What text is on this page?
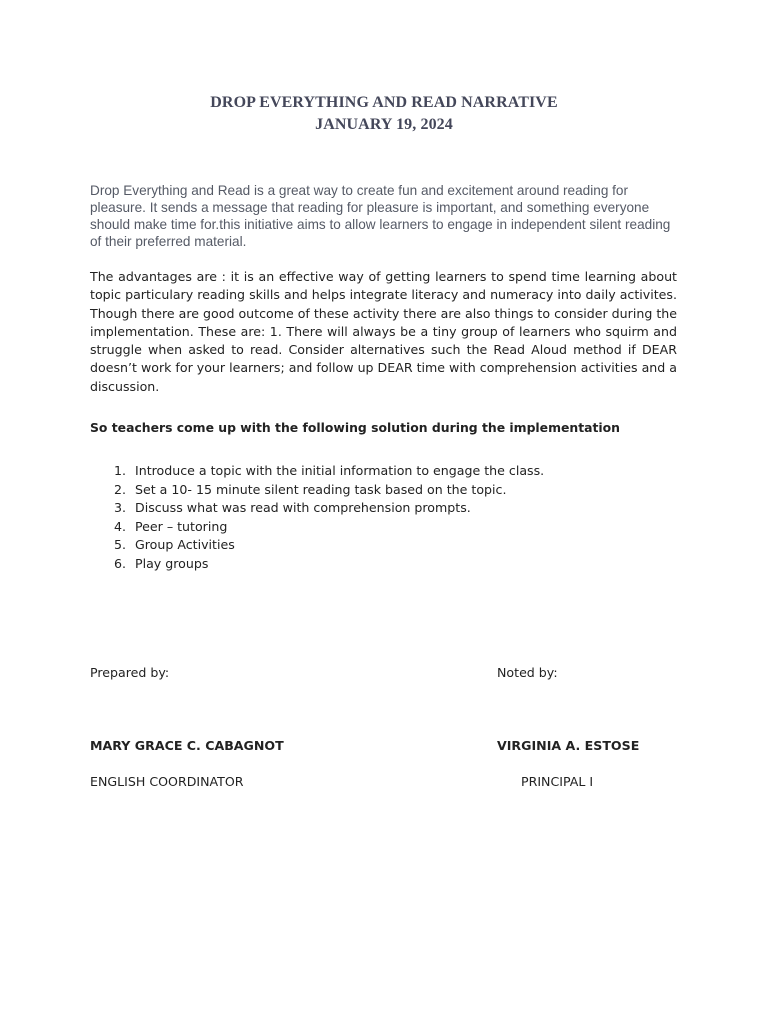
DROP EVERYTHING AND READ NARRATIVE
JANUARY 19, 2024

Drop Everything and Read is a great way to create fun and excitement around reading for pleasure. It sends a message that reading for pleasure is important, and something everyone should make time for.this initiative aims to allow learners to engage in independent silent reading of their preferred material.

The advantages are : it is an effective way of getting learners to spend time learning about topic particulary reading skills and helps integrate literacy and numeracy into daily activites. Though there are good outcome of these activity there are also things to consider during the implementation. These are: 1. There will always be a tiny group of learners who squirm and struggle when asked to read. Consider alternatives such the Read Aloud method if DEAR doesn’t work for your learners; and follow up DEAR time with comprehension activities and a discussion.

So teachers come up with the following solution during the implementation

1. Introduce a topic with the initial information to engage the class.
2. Set a 10- 15 minute silent reading task based on the topic.
3. Discuss what was read with comprehension prompts.
4. Peer – tutoring
5. Group Activities
6. Play groups
Prepared by:	Noted by:
MARY GRACE C. CABAGNOT	VIRGINIA A. ESTOSE
ENGLISH COORDINATOR	PRINCIPAL I
